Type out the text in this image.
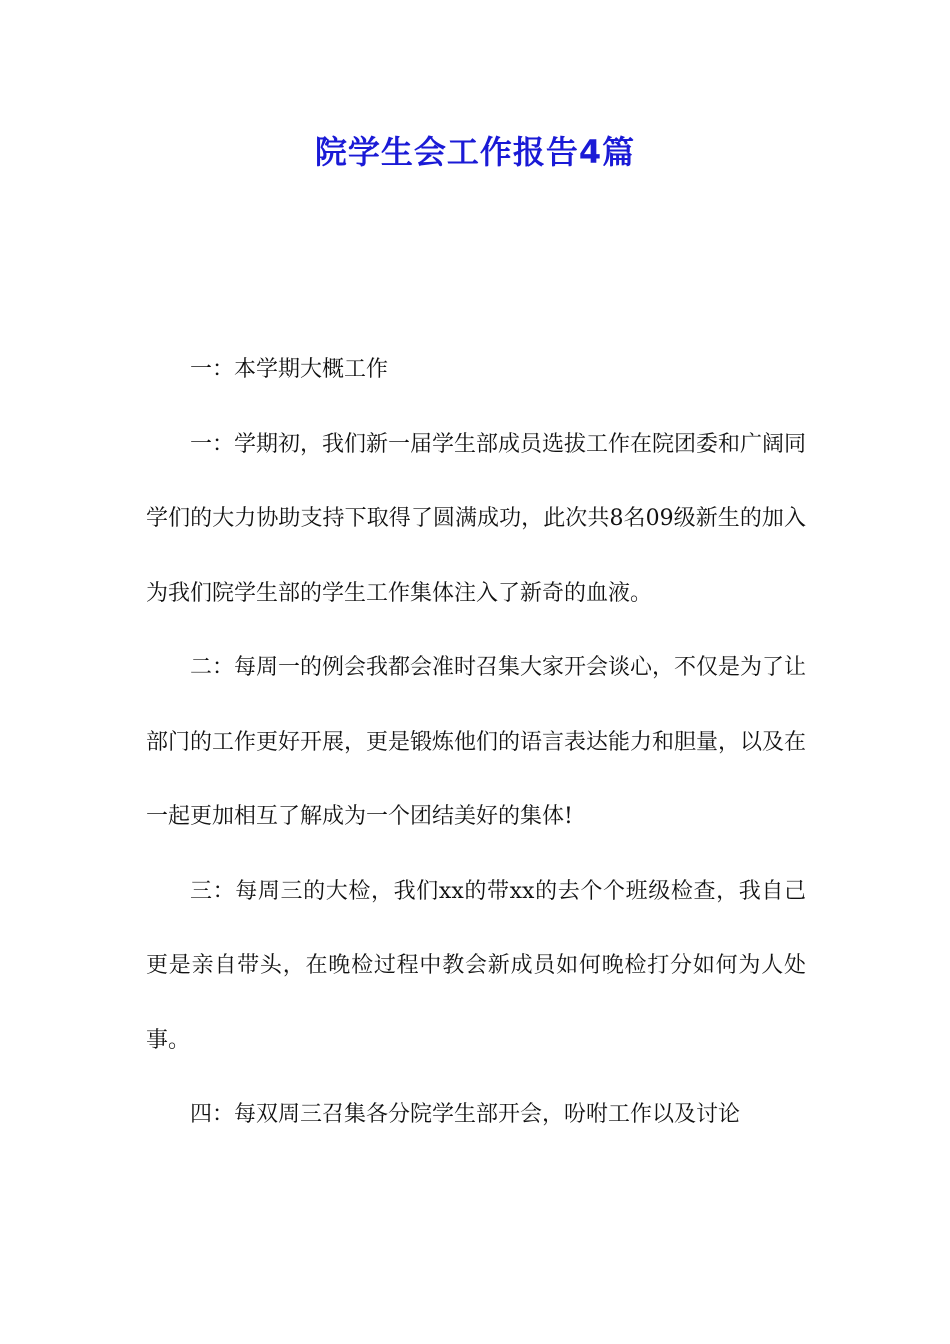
院学生会工作报告4篇

一：本学期大概工作

一：学期初，我们新一届学生部成员选拔工作在院团委和广阔同学们的大力协助支持下取得了圆满成功，此次共8名09级新生的加入为我们院学生部的学生工作集体注入了新奇的血液。

二：每周一的例会我都会准时召集大家开会谈心，不仅是为了让部门的工作更好开展，更是锻炼他们的语言表达能力和胆量，以及在一起更加相互了解成为一个团结美好的集体!

三：每周三的大检，我们xx的带xx的去个个班级检查，我自己更是亲自带头，在晚检过程中教会新成员如何晚检打分如何为人处事。

四：每双周三召集各分院学生部开会，吩咐工作以及讨论
